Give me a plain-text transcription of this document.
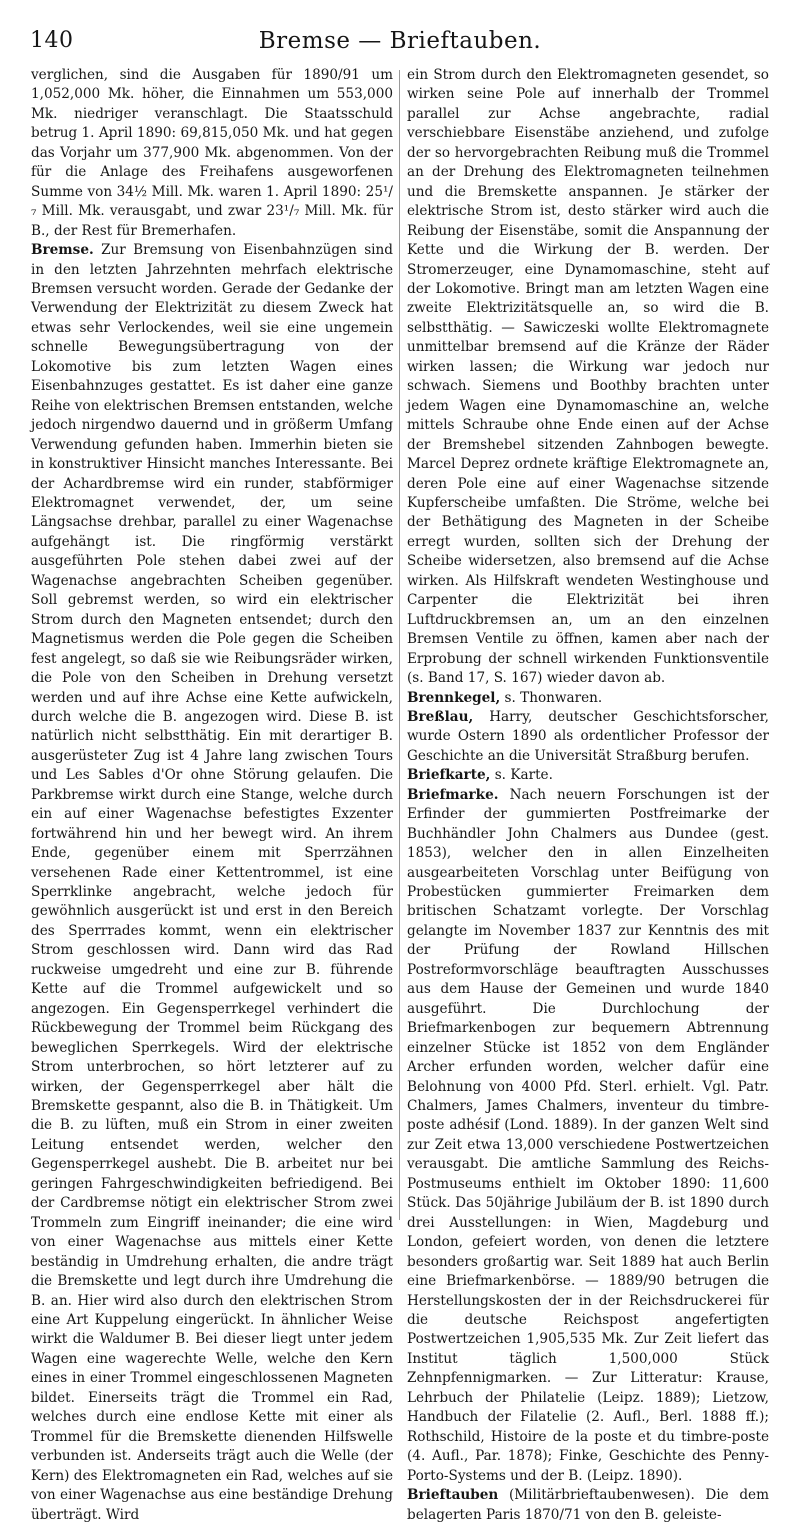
140	Bremse — Brieftauben.

verglichen, sind die Ausgaben für 1890/91 um 1,052,000 Mk. höher, die Einnahmen um 553,000 Mk. niedriger veranschlagt. Die Staatsschuld betrug 1. April 1890: 69,815,050 Mk. und hat gegen das Vorjahr um 377,900 Mk. abgenommen. Von der für die Anlage des Freihafens ausgeworfenen Summe von 34½ Mill. Mk. waren 1. April 1890: 25¹/₇ Mill. Mk. verausgabt, und zwar 23¹/₇ Mill. Mk. für B., der Rest für Bremerhafen.

Bremse. Zur Bremsung von Eisenbahnzügen sind in den letzten Jahrzehnten mehrfach elektrische Bremsen versucht worden. Gerade der Gedanke der Verwendung der Elektrizität zu diesem Zweck hat etwas sehr Verlockendes, weil sie eine ungemein schnelle Bewegungsübertragung von der Lokomotive bis zum letzten Wagen eines Eisenbahnzuges gestattet. Es ist daher eine ganze Reihe von elektrischen Bremsen entstanden, welche jedoch nirgendwo dauernd und in größerm Umfang Verwendung gefunden haben. Immerhin bieten sie in konstruktiver Hinsicht manches Interessante. Bei der Achardbremse wird ein runder, stabförmiger Elektromagnet verwendet, der, um seine Längsachse drehbar, parallel zu einer Wagenachse aufgehängt ist. Die ringförmig verstärkt ausgeführten Pole stehen dabei zwei auf der Wagenachse angebrachten Scheiben gegenüber. Soll gebremst werden, so wird ein elektrischer Strom durch den Magneten entsendet; durch den Magnetismus werden die Pole gegen die Scheiben fest angelegt, so daß sie wie Reibungsräder wirken, die Pole von den Scheiben in Drehung versetzt werden und auf ihre Achse eine Kette aufwickeln, durch welche die B. angezogen wird. Diese B. ist natürlich nicht selbstthätig. Ein mit derartiger B. ausgerüsteter Zug ist 4 Jahre lang zwischen Tours und Les Sables d'Or ohne Störung gelaufen. Die Parkbremse wirkt durch eine Stange, welche durch ein auf einer Wagenachse befestigtes Exzenter fortwährend hin und her bewegt wird. An ihrem Ende, gegenüber einem mit Sperrzähnen versehenen Rade einer Kettentrommel, ist eine Sperrklinke angebracht, welche jedoch für gewöhnlich ausgerückt ist und erst in den Bereich des Sperrrades kommt, wenn ein elektrischer Strom geschlossen wird. Dann wird das Rad ruckweise umgedreht und eine zur B. führende Kette auf die Trommel aufgewickelt und so angezogen. Ein Gegensperrkegel verhindert die Rückbewegung der Trommel beim Rückgang des beweglichen Sperrkegels. Wird der elektrische Strom unterbrochen, so hört letzterer auf zu wirken, der Gegensperrkegel aber hält die Bremskette gespannt, also die B. in Thätigkeit. Um die B. zu lüften, muß ein Strom in einer zweiten Leitung entsendet werden, welcher den Gegensperrkegel aushebt. Die B. arbeitet nur bei geringen Fahrgeschwindigkeiten befriedigend. Bei der Cardbremse nötigt ein elektrischer Strom zwei Trommeln zum Eingriff ineinander; die eine wird von einer Wagenachse aus mittels einer Kette beständig in Umdrehung erhalten, die andre trägt die Bremskette und legt durch ihre Umdrehung die B. an. Hier wird also durch den elektrischen Strom eine Art Kuppelung eingerückt. In ähnlicher Weise wirkt die Waldumer B. Bei dieser liegt unter jedem Wagen eine wagerechte Welle, welche den Kern eines in einer Trommel eingeschlossenen Magneten bildet. Einerseits trägt die Trommel ein Rad, welches durch eine endlose Kette mit einer als Trommel für die Bremskette dienenden Hilfswelle verbunden ist. Anderseits trägt auch die Welle (der Kern) des Elektromagneten ein Rad, welches auf sie von einer Wagenachse aus eine beständige Drehung überträgt. Wird

ein Strom durch den Elektromagneten gesendet, so wirken seine Pole auf innerhalb der Trommel parallel zur Achse angebrachte, radial verschiebbare Eisenstäbe anziehend, und zufolge der so hervorgebrachten Reibung muß die Trommel an der Drehung des Elektromagneten teilnehmen und die Bremskette anspannen. Je stärker der elektrische Strom ist, desto stärker wird auch die Reibung der Eisenstäbe, somit die Anspannung der Kette und die Wirkung der B. werden. Der Stromerzeuger, eine Dynamomaschine, steht auf der Lokomotive. Bringt man am letzten Wagen eine zweite Elektrizitätsquelle an, so wird die B. selbstthätig. — Sawiczeski wollte Elektromagnete unmittelbar bremsend auf die Kränze der Räder wirken lassen; die Wirkung war jedoch nur schwach. Siemens und Boothby brachten unter jedem Wagen eine Dynamomaschine an, welche mittels Schraube ohne Ende einen auf der Achse der Bremshebel sitzenden Zahnbogen bewegte. Marcel Deprez ordnete kräftige Elektromagnete an, deren Pole eine auf einer Wagenachse sitzende Kupferscheibe umfaßten. Die Ströme, welche bei der Bethätigung des Magneten in der Scheibe erregt wurden, sollten sich der Drehung der Scheibe widersetzen, also bremsend auf die Achse wirken. Als Hilfskraft wendeten Westinghouse und Carpenter die Elektrizität bei ihren Luftdruckbremsen an, um an den einzelnen Bremsen Ventile zu öffnen, kamen aber nach der Erprobung der schnell wirkenden Funktionsventile (s. Band 17, S. 167) wieder davon ab.

Brennkegel, s. Thonwaren.

Breßlau, Harry, deutscher Geschichtsforscher, wurde Ostern 1890 als ordentlicher Professor der Geschichte an die Universität Straßburg berufen.

Briefkarte, s. Karte.

Briefmarke. Nach neuern Forschungen ist der Erfinder der gummierten Postfreimarke der Buchhändler John Chalmers aus Dundee (gest. 1853), welcher den in allen Einzelheiten ausgearbeiteten Vorschlag unter Beifügung von Probestücken gummierter Freimarken dem britischen Schatzamt vorlegte. Der Vorschlag gelangte im November 1837 zur Kenntnis des mit der Prüfung der Rowland Hillschen Postreformvorschläge beauftragten Ausschusses aus dem Hause der Gemeinen und wurde 1840 ausgeführt. Die Durchlochung der Briefmarkenbogen zur bequemern Abtrennung einzelner Stücke ist 1852 von dem Engländer Archer erfunden worden, welcher dafür eine Belohnung von 4000 Pfd. Sterl. erhielt. Vgl. Patr. Chalmers, James Chalmers, inventeur du timbre-poste adhésif (Lond. 1889). In der ganzen Welt sind zur Zeit etwa 13,000 verschiedene Postwertzeichen verausgabt. Die amtliche Sammlung des Reichs-Postmuseums enthielt im Oktober 1890: 11,600 Stück. Das 50jährige Jubiläum der B. ist 1890 durch drei Ausstellungen: in Wien, Magdeburg und London, gefeiert worden, von denen die letztere besonders großartig war. Seit 1889 hat auch Berlin eine Briefmarkenbörse. — 1889/90 betrugen die Herstellungskosten der in der Reichsdruckerei für die deutsche Reichspost angefertigten Postwertzeichen 1,905,535 Mk. Zur Zeit liefert das Institut täglich 1,500,000 Stück Zehnpfennigmarken. — Zur Litteratur: Krause, Lehrbuch der Philatelie (Leipz. 1889); Lietzow, Handbuch der Filatelie (2. Aufl., Berl. 1888 ff.); Rothschild, Histoire de la poste et du timbre-poste (4. Aufl., Par. 1878); Finke, Geschichte des Penny-Porto-Systems und der B. (Leipz. 1890).

Brieftauben (Militärbrieftaubenwesen). Die dem belagerten Paris 1870/71 von den B. geleiste-
